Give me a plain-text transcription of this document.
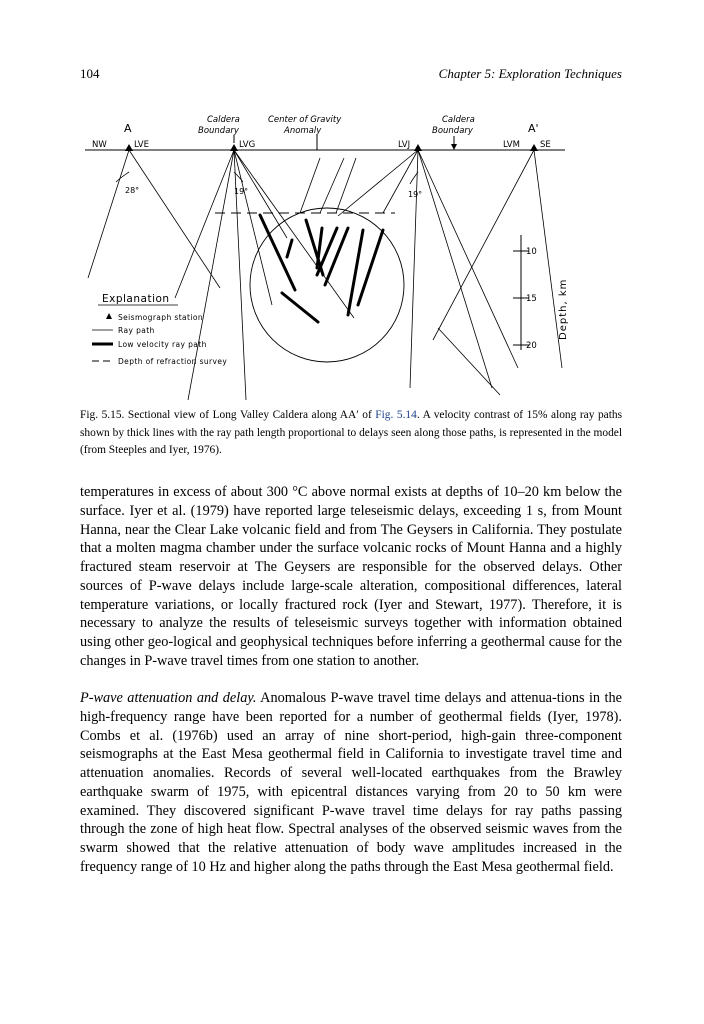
104	Chapter 5: Exploration Techniques
A
Caldera
Boundary
Center of Gravity
Anomaly
Caldera
Boundary	A'
NW	LVE	LVG	LVJ	LVM SE
28°	19°	19°
10
15
20
Depth, km
Explanation
Seismograph station
Ray path
Low velocity ray path
Depth of refraction survey
Fig. 5.15. Sectional view of Long Valley Caldera along AA′ of Fig. 5.14. A velocity contrast of 15% along ray paths shown by thick lines with the ray path length proportional to delays seen along those paths, is represented in the model (from Steeples and Iyer, 1976).

temperatures in excess of about 300 °C above normal exists at depths of 10–20 km below the surface. Iyer et al. (1979) have reported large teleseismic delays, exceeding 1 s, from Mount Hanna, near the Clear Lake volcanic field and from The Geysers in California. They postulate that a molten magma chamber under the surface volcanic rocks of Mount Hanna and a highly fractured steam reservoir at The Geysers are responsible for the observed delays. Other sources of P-wave delays include large-scale alteration, compositional differences, lateral temperature variations, or locally fractured rock (Iyer and Stewart, 1977). Therefore, it is necessary to analyze the results of teleseismic surveys together with information obtained using other geo-logical and geophysical techniques before inferring a geothermal cause for the changes in P-wave travel times from one station to another.

P-wave attenuation and delay. Anomalous P-wave travel time delays and attenua-tions in the high-frequency range have been reported for a number of geothermal fields (Iyer, 1978). Combs et al. (1976b) used an array of nine short-period, high-gain three-component seismographs at the East Mesa geothermal field in California to investigate travel time and attenuation anomalies. Records of several well-located earthquakes from the Brawley earthquake swarm of 1975, with epicentral distances varying from 20 to 50 km were examined. They discovered significant P-wave travel time delays for ray paths passing through the zone of high heat flow. Spectral analyses of the observed seismic waves from the swarm showed that the relative attenuation of body wave amplitudes increased in the frequency range of 10 Hz and higher along the paths through the East Mesa geothermal field.
